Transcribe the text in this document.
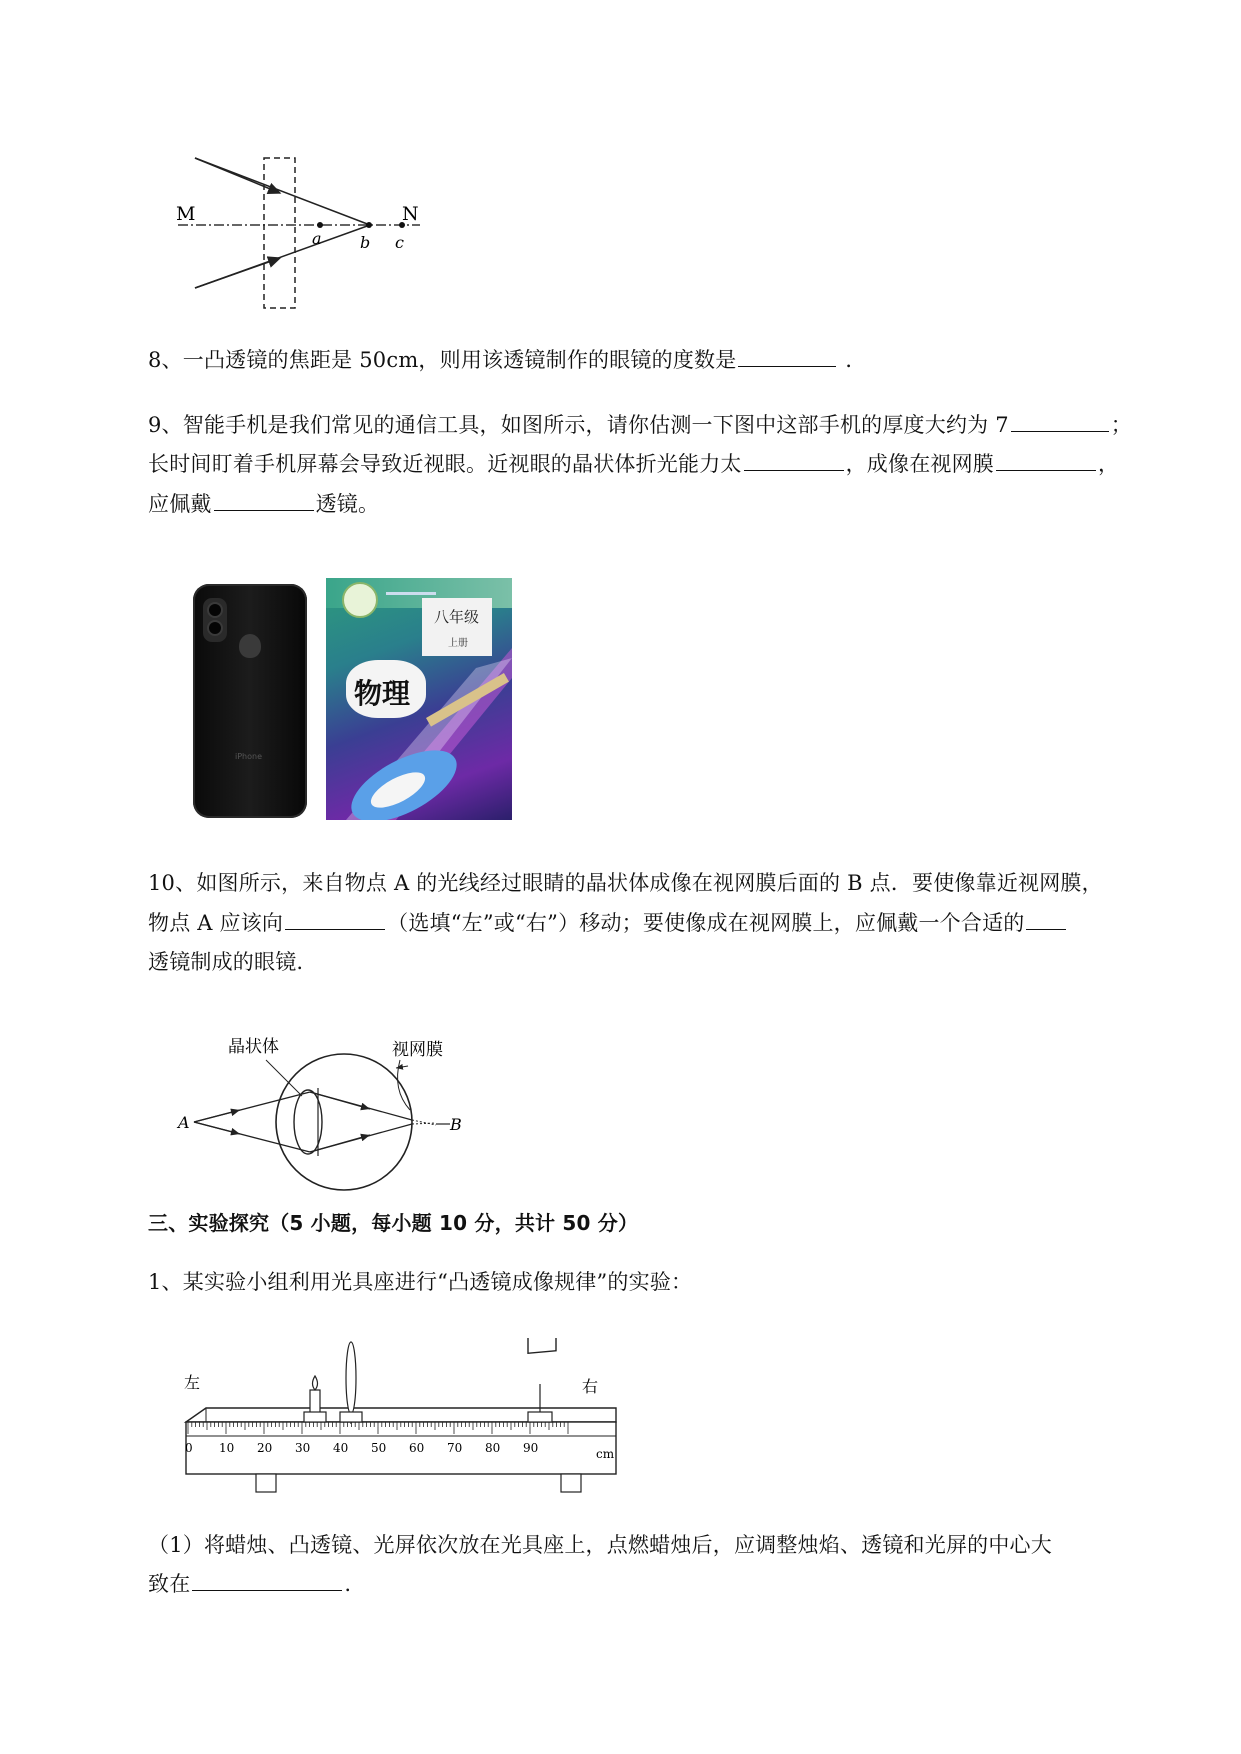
M	N
a b c
8、一凸透镜的焦距是 50cm，则用该透镜制作的眼镜的度数是	．
9、智能手机是我们常见的通信工具，如图所示，请你估测一下图中这部手机的厚度大约为 7	；
长时间盯着手机屏幕会导致近视眼。近视眼的晶状体折光能力太	，成像在视网膜	，
应佩戴	透镜。
iPhone
八年级
上册
物理
10、如图所示，来自物点 A 的光线经过眼睛的晶状体成像在视网膜后面的 B 点．要使像靠近视网膜，
物点 A 应该向	（选填“左”或“右”）移动；要使像成在视网膜上，应佩戴一个合适的
透镜制成的眼镜.
晶状体	视网膜
A	B
三、实验探究（5 小题，每小题 10 分，共计 50 分）
1、某实验小组利用光具座进行“凸透镜成像规律”的实验：
左	右
0 10 20 30 40 50 60 70 80 90	cm
（1）将蜡烛、凸透镜、光屏依次放在光具座上，点燃蜡烛后，应调整烛焰、透镜和光屏的中心大
致在	.
